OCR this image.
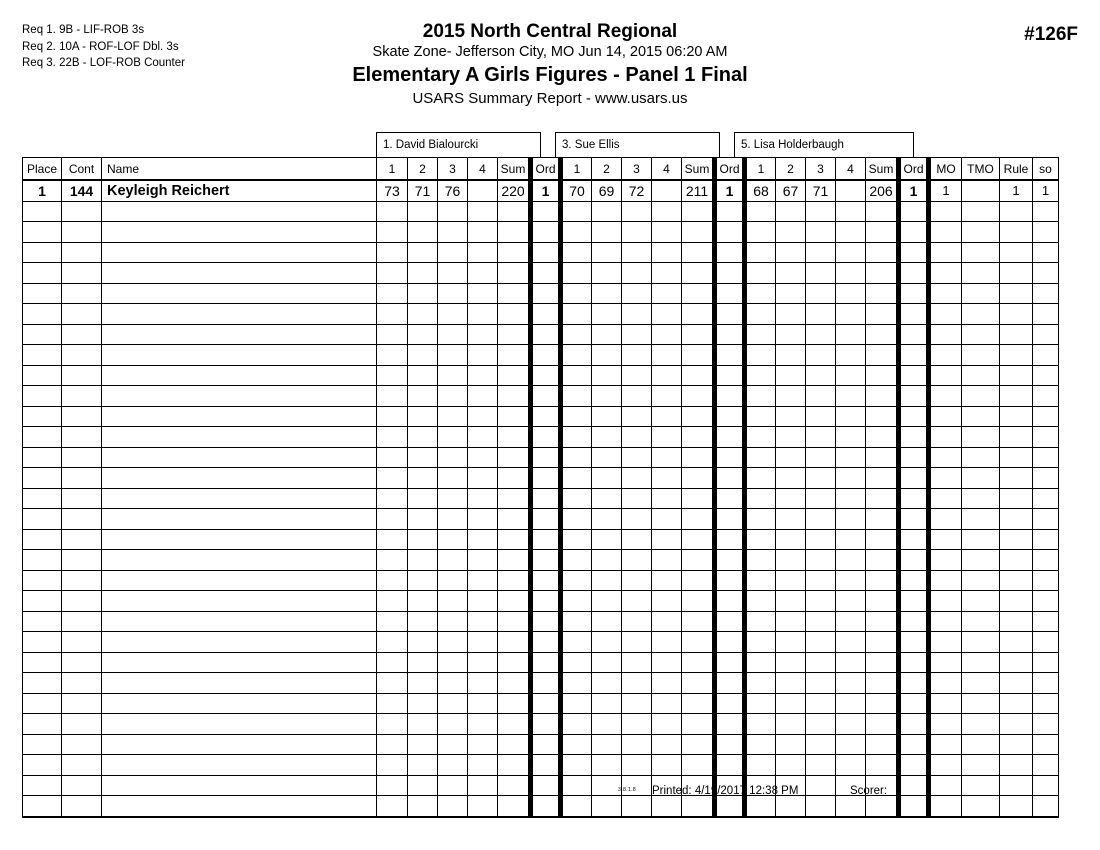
Req 1. 9B - LIF-ROB 3s
Req 2. 10A - ROF-LOF Dbl. 3s
Req 3. 22B - LOF-ROB Counter
2015 North Central Regional
Skate Zone- Jefferson City, MO Jun 14, 2015 06:20 AM
Elementary A Girls Figures - Panel 1 Final
USARS Summary Report - www.usars.us
#126F
1. David Bialourcki	3. Sue Ellis	5. Lisa Holderbaugh
Place	Cont	Name	1	2	3	4	Sum	Ord	1	2	3	4	Sum	Ord	1	2	3	4	Sum	Ord	MO	TMO	Rule	so
1	144	Keyleigh Reichert	73	71	76		220	1	70	69	72		211	1	68	67	71		206	1	1		1	1

3.8.1.8 Printed: 4/19/2017 12:38 PM	Scorer:
